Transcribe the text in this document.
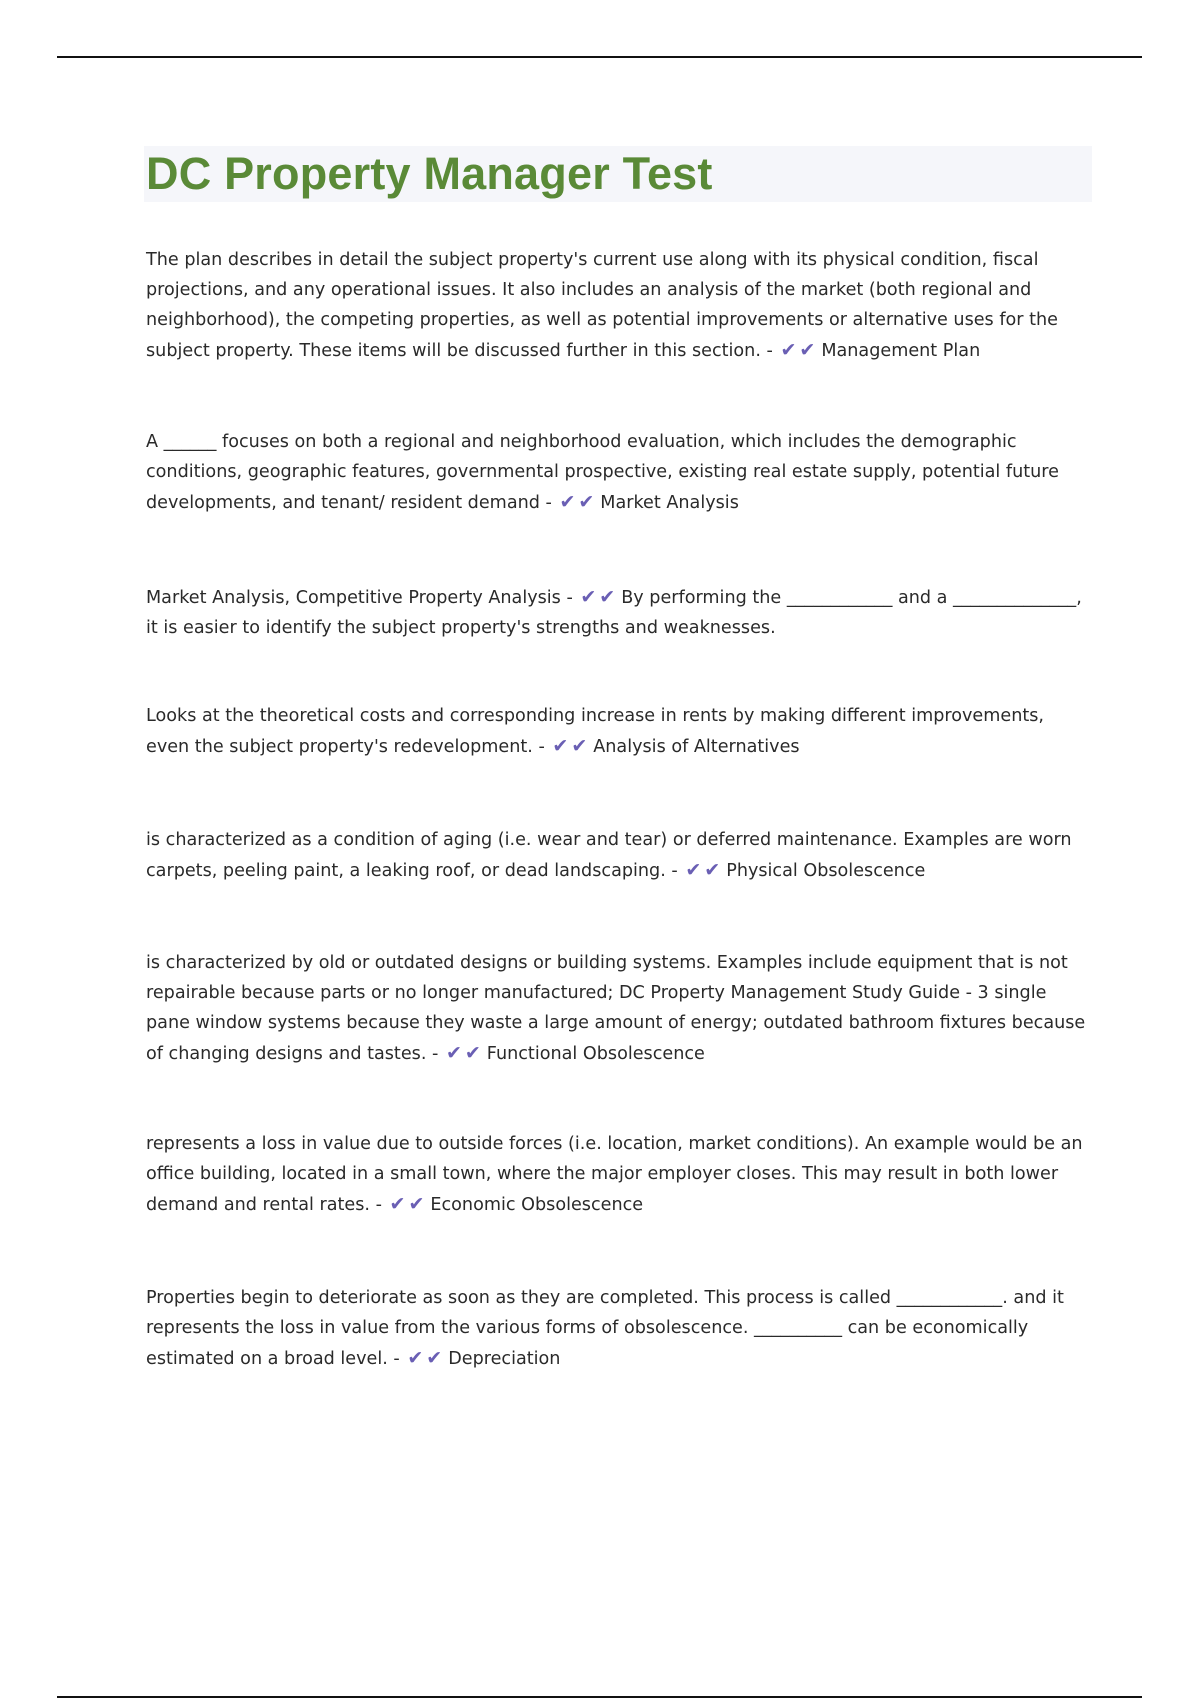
DC Property Manager Test

The plan describes in detail the subject property's current use along with its physical condition, fiscal projections, and any operational issues. It also includes an analysis of the market (both regional and neighborhood), the competing properties, as well as potential improvements or alternative uses for the subject property. These items will be discussed further in this section. - ✔✔ Management Plan

A ______ focuses on both a regional and neighborhood evaluation, which includes the demographic conditions, geographic features, governmental prospective, existing real estate supply, potential future developments, and tenant/ resident demand - ✔✔ Market Analysis

Market Analysis, Competitive Property Analysis - ✔✔ By performing the ____________ and a ______________, it is easier to identify the subject property's strengths and weaknesses.

Looks at the theoretical costs and corresponding increase in rents by making different improvements, even the subject property's redevelopment. - ✔✔ Analysis of Alternatives

is characterized as a condition of aging (i.e. wear and tear) or deferred maintenance. Examples are worn carpets, peeling paint, a leaking roof, or dead landscaping. - ✔✔ Physical Obsolescence

is characterized by old or outdated designs or building systems. Examples include equipment that is not repairable because parts or no longer manufactured; DC Property Management Study Guide - 3 single pane window systems because they waste a large amount of energy; outdated bathroom fixtures because of changing designs and tastes. - ✔✔ Functional Obsolescence

represents a loss in value due to outside forces (i.e. location, market conditions). An example would be an office building, located in a small town, where the major employer closes. This may result in both lower demand and rental rates. - ✔✔ Economic Obsolescence

Properties begin to deteriorate as soon as they are completed. This process is called ____________. and it represents the loss in value from the various forms of obsolescence. __________ can be economically estimated on a broad level. - ✔✔ Depreciation
